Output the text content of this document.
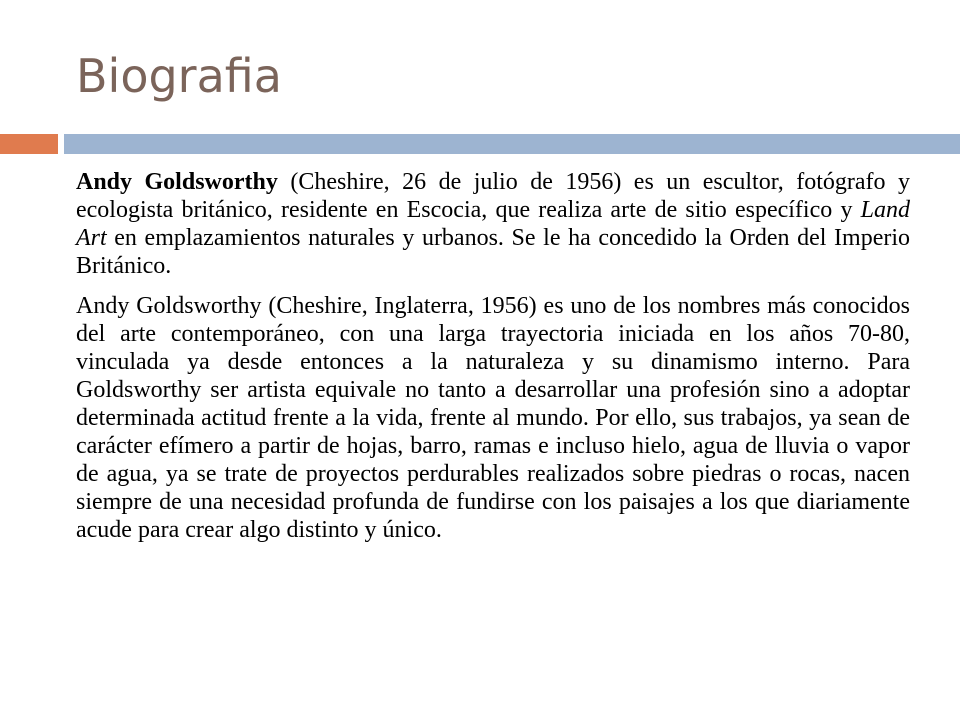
Biografia

Andy Goldsworthy (Cheshire, 26 de julio de 1956) es un escultor, fotógrafo y ecologista británico, residente en Escocia, que realiza arte de sitio específico y Land Art en emplazamientos naturales y urbanos. Se le ha concedido la Orden del Imperio Británico.

Andy Goldsworthy (Cheshire, Inglaterra, 1956) es uno de los nombres más conocidos del arte contemporáneo, con una larga trayectoria iniciada en los años 70-80, vinculada ya desde entonces a la naturaleza y su dinamismo interno. Para Goldsworthy ser artista equivale no tanto a desarrollar una profesión sino a adoptar determinada actitud frente a la vida, frente al mundo. Por ello, sus trabajos, ya sean de carácter efímero a partir de hojas, barro, ramas e incluso hielo, agua de lluvia o vapor de agua, ya se trate de proyectos perdurables realizados sobre piedras o rocas, nacen siempre de una necesidad profunda de fundirse con los paisajes a los que diariamente acude para crear algo distinto y único.
